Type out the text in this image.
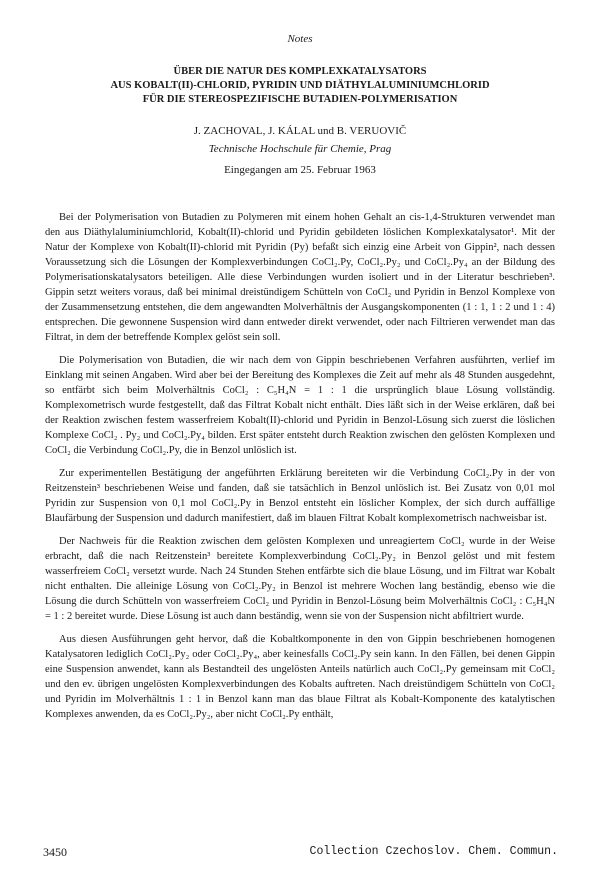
Notes
ÜBER DIE NATUR DES KOMPLEXKATALYSATORS
AUS KOBALT(II)-CHLORID, PYRIDIN UND DIÄTHYLALUMINIUMCHLORID
FÜR DIE STEREOSPEZIFISCHE BUTADIEN-POLYMERISATION
J. ZACHOVAL, J. KÁLAL und B. VERUOVIČ
Technische Hochschule für Chemie, Prag
Eingegangen am 25. Februar 1963

Bei der Polymerisation von Butadien zu Polymeren mit einem hohen Gehalt an cis-1,4-Strukturen verwendet man den aus Diäthylaluminiumchlorid, Kobalt(II)-chlorid und Pyridin gebildeten löslichen Komplexkatalysator¹. Mit der Natur der Komplexe von Kobalt(II)-chlorid mit Pyridin (Py) befaßt sich einzig eine Arbeit von Gippin², nach dessen Voraussetzung sich die Lösungen der Komplexverbindungen CoCl₂.Py, CoCl₂.Py₂ und CoCl₂.Py₄ an der Bildung des Polymerisationskatalysators beteiligen. Alle diese Verbindungen wurden isoliert und in der Literatur beschrieben³. Gippin setzt weiters voraus, daß bei minimal dreistündigem Schütteln von CoCl₂ und Pyridin in Benzol Komplexe von der Zusammensetzung entstehen, die dem angewandten Molverhältnis der Ausgangskomponenten (1 : 1, 1 : 2 und 1 : 4) entsprechen. Die gewonnene Suspension wird dann entweder direkt verwendet, oder nach Filtrieren verwendet man das Filtrat, in dem der betreffende Komplex gelöst sein soll.

Die Polymerisation von Butadien, die wir nach dem von Gippin beschriebenen Verfahren ausführten, verlief im Einklang mit seinen Angaben. Wird aber bei der Bereitung des Komplexes die Zeit auf mehr als 48 Stunden ausgedehnt, so entfärbt sich beim Molverhältnis CoCl₂ : C₅H₄N = 1 : 1 die ursprünglich blaue Lösung vollständig. Komplexometrisch wurde festgestellt, daß das Filtrat Kobalt nicht enthält. Dies läßt sich in der Weise erklären, daß bei der Reaktion zwischen festem wasserfreiem Kobalt(II)-chlorid und Pyridin in Benzol-Lösung sich zuerst die löslichen Komplexe CoCl₂ . Py₂ und CoCl₂.Py₄ bilden. Erst später entsteht durch Reaktion zwischen den gelösten Komplexen und CoCl₂ die Verbindung CoCl₂.Py, die in Benzol unlöslich ist.

Zur experimentellen Bestätigung der angeführten Erklärung bereiteten wir die Verbindung CoCl₂.Py in der von Reitzenstein³ beschriebenen Weise und fanden, daß sie tatsächlich in Benzol unlöslich ist. Bei Zusatz von 0,01 mol Pyridin zur Suspension von 0,1 mol CoCl₂.Py in Benzol entsteht ein löslicher Komplex, der sich durch auffällige Blaufärbung der Suspension und dadurch manifestiert, daß im blauen Filtrat Kobalt komplexometrisch nachweisbar ist.

Der Nachweis für die Reaktion zwischen dem gelösten Komplexen und unreagiertem CoCl₂ wurde in der Weise erbracht, daß die nach Reitzenstein³ bereitete Komplexverbindung CoCl₂.Py₂ in Benzol gelöst und mit festem wasserfreiem CoCl₂ versetzt wurde. Nach 24 Stunden Stehen entfärbte sich die blaue Lösung, und im Filtrat war Kobalt nicht enthalten. Die alleinige Lösung von CoCl₂.Py₂ in Benzol ist mehrere Wochen lang beständig, ebenso wie die Lösung die durch Schütteln von wasserfreiem CoCl₂ und Pyridin in Benzol-Lösung beim Molverhältnis CoCl₂ : C₅H₄N = 1 : 2 bereitet wurde. Diese Lösung ist auch dann beständig, wenn sie von der Suspension nicht abfiltriert wurde.

Aus diesen Ausführungen geht hervor, daß die Kobaltkomponente in den von Gippin beschriebenen homogenen Katalysatoren lediglich CoCl₂.Py₂ oder CoCl₂.Py₄, aber keinesfalls CoCl₂.Py sein kann. In den Fällen, bei denen Gippin eine Suspension anwendet, kann als Bestandteil des ungelösten Anteils natürlich auch CoCl₂.Py gemeinsam mit CoCl₂ und den ev. übrigen ungelösten Komplexverbindungen des Kobalts auftreten. Nach dreistündigem Schütteln von CoCl₂ und Pyridin im Molverhältnis 1 : 1 in Benzol kann man das blaue Filtrat als Kobalt-Komponente des katalytischen Komplexes anwenden, da es CoCl₂.Py₂, aber nicht CoCl₂.Py enthält,

3450	Collection Czechoslov. Chem. Commun.
